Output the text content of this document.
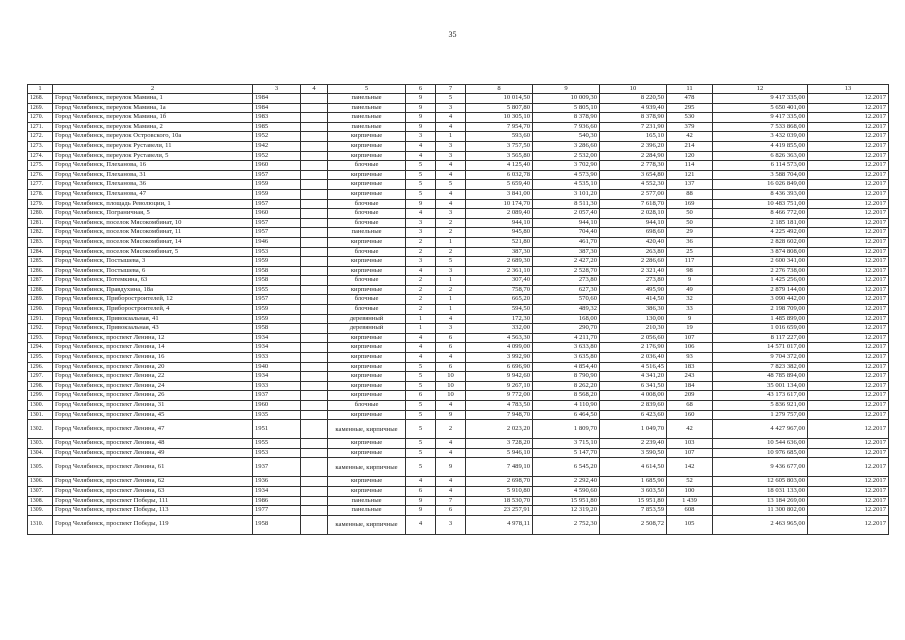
35
1	2	3	4	5	6	7	8	9	10	11	12	13
1268.	Город Челябинск, переулок Мамина, 1	1984		панельные	9	5	10 014,50	10 009,30	8 220,50	478	9 417 335,00	12.2017
1269.	Город Челябинск, переулок Мамина, 1а	1984		панельные	9	3	5 807,80	5 805,10	4 939,40	295	5 650 401,00	12.2017
1270.	Город Челябинск, переулок Мамина, 1б	1983		панельные	9	4	10 305,10	8 378,90	8 378,90	530	9 417 335,00	12.2017
1271.	Город Челябинск, переулок Мамина, 2	1985		панельные	9	4	7 954,70	7 936,60	7 231,90	379	7 533 868,00	12.2017
1272.	Город Челябинск, переулок Островского, 10а	1952		кирпичные	3	1	593,60	540,30	165,10	42	3 432 039,00	12.2017
1273.	Город Челябинск, переулок Руставели, 11	1942		кирпичные	4	3	3 757,50	3 286,60	2 396,20	214	4 419 855,00	12.2017
1274.	Город Челябинск, переулок Руставели, 5	1952		кирпичные	4	3	3 565,80	2 532,00	2 284,90	120	6 826 363,00	12.2017
1275.	Город Челябинск, Плеханова, 16	1960		блочные	5	4	4 125,40	3 702,90	2 778,30	114	6 114 573,00	12.2017
1276.	Город Челябинск, Плеханова, 31	1957		кирпичные	5	4	6 032,78	4 573,90	3 654,80	121	3 588 704,00	12.2017
1277.	Город Челябинск, Плеханова, 36	1959		кирпичные	5	5	5 659,40	4 535,10	4 552,30	137	16 026 849,00	12.2017
1278.	Город Челябинск, Плеханова, 47	1959		кирпичные	5	4	3 841,00	3 101,20	2 577,00	88	8 436 393,00	12.2017
1279.	Город Челябинск, площадь Революции, 1	1957		блочные	9	4	10 174,70	8 511,30	7 618,70	169	10 483 751,00	12.2017
1280.	Город Челябинск, Пограничная, 5	1960		блочные	4	3	2 089,40	2 057,40	2 028,10	50	8 466 772,00	12.2017
1281.	Город Челябинск, поселок Мясокомбинат, 10	1957		блочные	3	2	944,10	944,10	944,10	50	2 185 181,00	12.2017
1282.	Город Челябинск, поселок Мясокомбинат, 11	1957		панельные	3	2	945,80	704,40	698,60	29	4 225 492,00	12.2017
1283.	Город Челябинск, поселок Мясокомбинат, 14	1946		кирпичные	2	1	521,80	461,70	420,40	36	2 828 602,00	12.2017
1284.	Город Челябинск, поселок Мясокомбинат, 5	1953		блочные	2	2	387,30	387,30	263,80	25	3 874 808,00	12.2017
1285.	Город Челябинск, Постышева, 3	1959		кирпичные	3	5	2 689,30	2 427,20	2 286,60	117	2 600 341,00	12.2017
1286.	Город Челябинск, Постышева, 6	1958		кирпичные	4	3	2 361,10	2 528,70	2 321,40	98	2 276 738,00	12.2017
1287.	Город Челябинск, Потемкина, 63	1958		блочные	2	1	307,40	273,80	273,80	9	1 425 256,00	12.2017
1288.	Город Челябинск, Правдухина, 18а	1955		кирпичные	2	2	758,70	627,30	495,90	49	2 879 144,00	12.2017
1289.	Город Челябинск, Приборостроителей, 12	1957		блочные	2	1	665,20	570,60	414,50	32	3 090 442,00	12.2017
1290.	Город Челябинск, Приборостроителей, 4	1959		блочные	2	1	594,50	489,32	386,30	33	2 198 709,00	12.2017
1291.	Город Челябинск, Привокзальная, 41	1959		деревянный	1	4	172,30	168,00	130,00	9	1 485 899,00	12.2017
1292.	Город Челябинск, Привокзальная, 43	1958		деревянный	1	3	332,00	290,70	210,30	19	1 016 659,00	12.2017
1293.	Город Челябинск, проспект Ленина, 12	1934		кирпичные	4	6	4 563,30	4 211,70	2 056,60	107	8 117 227,00	12.2017
1294.	Город Челябинск, проспект Ленина, 14	1934		кирпичные	4	6	4 099,00	3 633,80	2 176,90	106	14 571 017,00	12.2017
1295.	Город Челябинск, проспект Ленина, 16	1933		кирпичные	4	4	3 992,90	3 635,80	2 036,40	93	9 704 372,00	12.2017
1296.	Город Челябинск, проспект Ленина, 20	1940		кирпичные	5	6	6 696,90	4 854,40	4 516,45	183	7 823 382,00	12.2017
1297.	Город Челябинск, проспект Ленина, 22	1934		кирпичные	5	10	9 942,60	8 790,90	4 341,20	243	48 785 894,00	12.2017
1298.	Город Челябинск, проспект Ленина, 24	1933		кирпичные	5	10	9 267,10	8 262,20	6 341,50	184	35 001 134,00	12.2017
1299.	Город Челябинск, проспект Ленина, 26	1937		кирпичные	6	10	9 772,00	8 568,20	4 008,00	209	43 173 617,00	12.2017
1300.	Город Челябинск, проспект Ленина, 31	1960		блочные	5	4	4 783,50	4 110,90	2 839,60	68	5 836 921,00	12.2017
1301.	Город Челябинск, проспект Ленина, 45	1935		кирпичные	5	9	7 948,70	6 464,50	6 423,60	160	1 279 757,00	12.2017
1302.	Город Челябинск, проспект Ленина, 47	1951		каменные, кирпичные	5	2	2 023,20	1 809,70	1 049,70	42	4 427 967,00	12.2017
1303.	Город Челябинск, проспект Ленина, 48	1955		кирпичные	5	4	3 728,20	3 715,10	2 239,40	103	10 544 636,00	12.2017
1304.	Город Челябинск, проспект Ленина, 49	1953		кирпичные	5	4	5 946,10	5 147,70	3 590,50	107	10 976 685,00	12.2017
1305.	Город Челябинск, проспект Ленина, 61	1937		каменные, кирпичные	5	9	7 489,10	6 545,20	4 614,50	142	9 436 677,00	12.2017
1306.	Город Челябинск, проспект Ленина, 62	1936		кирпичные	4	4	2 698,70	2 292,40	1 685,90	52	12 605 803,00	12.2017
1307.	Город Челябинск, проспект Ленина, 63	1934		кирпичные	6	4	5 910,80	4 590,60	3 603,50	100	18 031 133,00	12.2017
1308.	Город Челябинск, проспект Победы, 111	1986		панельные	9	7	18 530,70	15 951,80	15 951,80	1 439	13 184 269,00	12.2017
1309.	Город Челябинск, проспект Победы, 113	1977		панельные	9	6	23 257,91	12 319,20	7 853,59	608	11 300 802,00	12.2017
1310.	Город Челябинск, проспект Победы, 119	1958		каменные, кирпичные	4	3	4 978,11	2 752,30	2 508,72	105	2 463 965,00	12.2017
